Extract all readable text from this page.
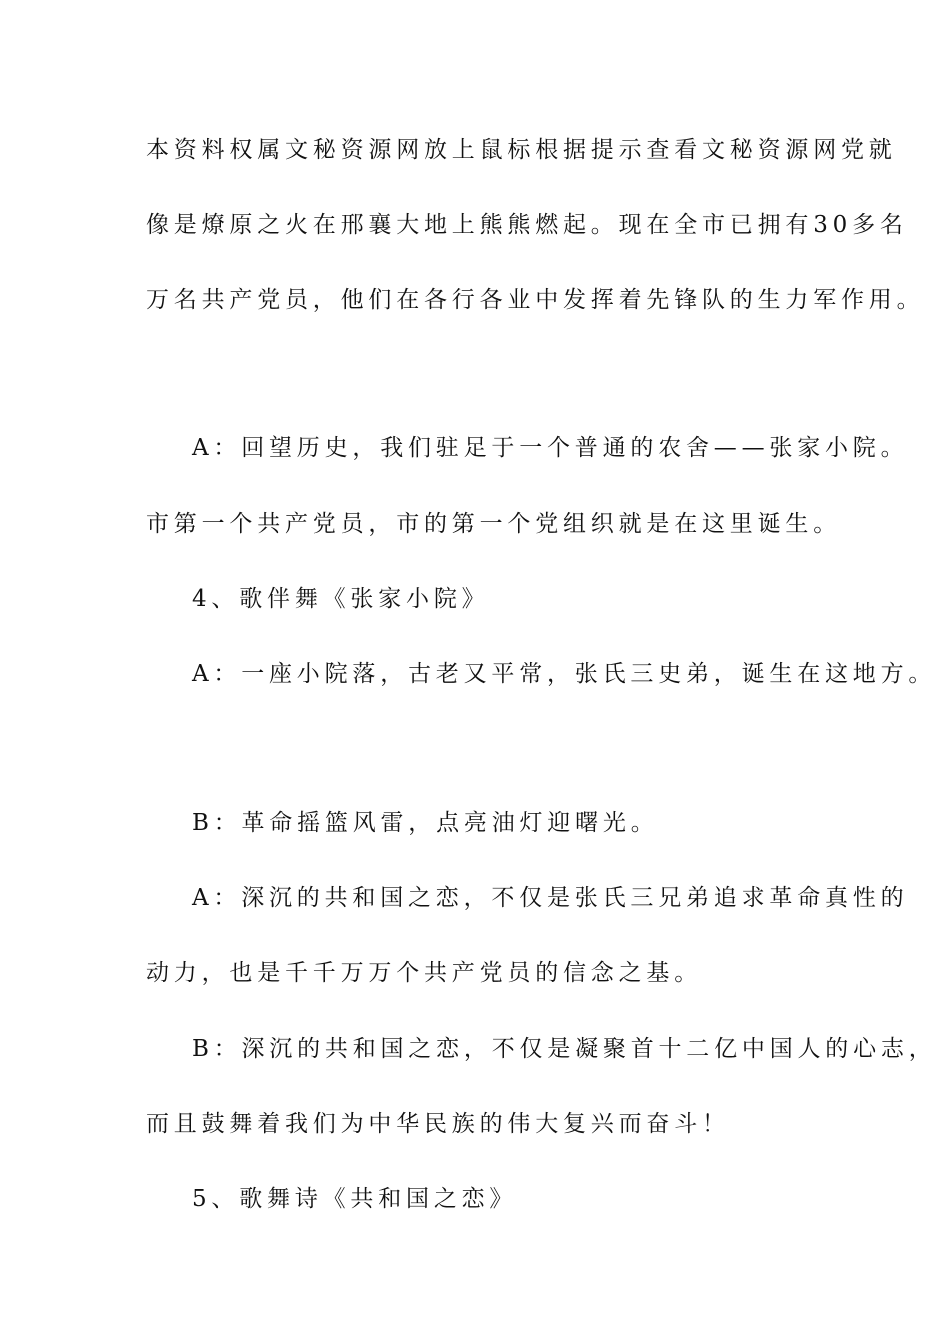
本资料权属文秘资源网放上鼠标根据提示查看文秘资源网党就
像是燎原之火在邢襄大地上熊熊燃起。现在全市已拥有30多名
万名共产党员，他们在各行各业中发挥着先锋队的生力军作用。
A：回望历史，我们驻足于一个普通的农舍——张家小院。
市第一个共产党员，市的第一个党组织就是在这里诞生。
4、歌伴舞《张家小院》
A：一座小院落，古老又平常，张氏三史弟，诞生在这地方。
B：革命摇篮风雷，点亮油灯迎曙光。
A：深沉的共和国之恋，不仅是张氏三兄弟追求革命真性的
动力，也是千千万万个共产党员的信念之基。
B：深沉的共和国之恋，不仅是凝聚首十二亿中国人的心志，
而且鼓舞着我们为中华民族的伟大复兴而奋斗！
5、歌舞诗《共和国之恋》
